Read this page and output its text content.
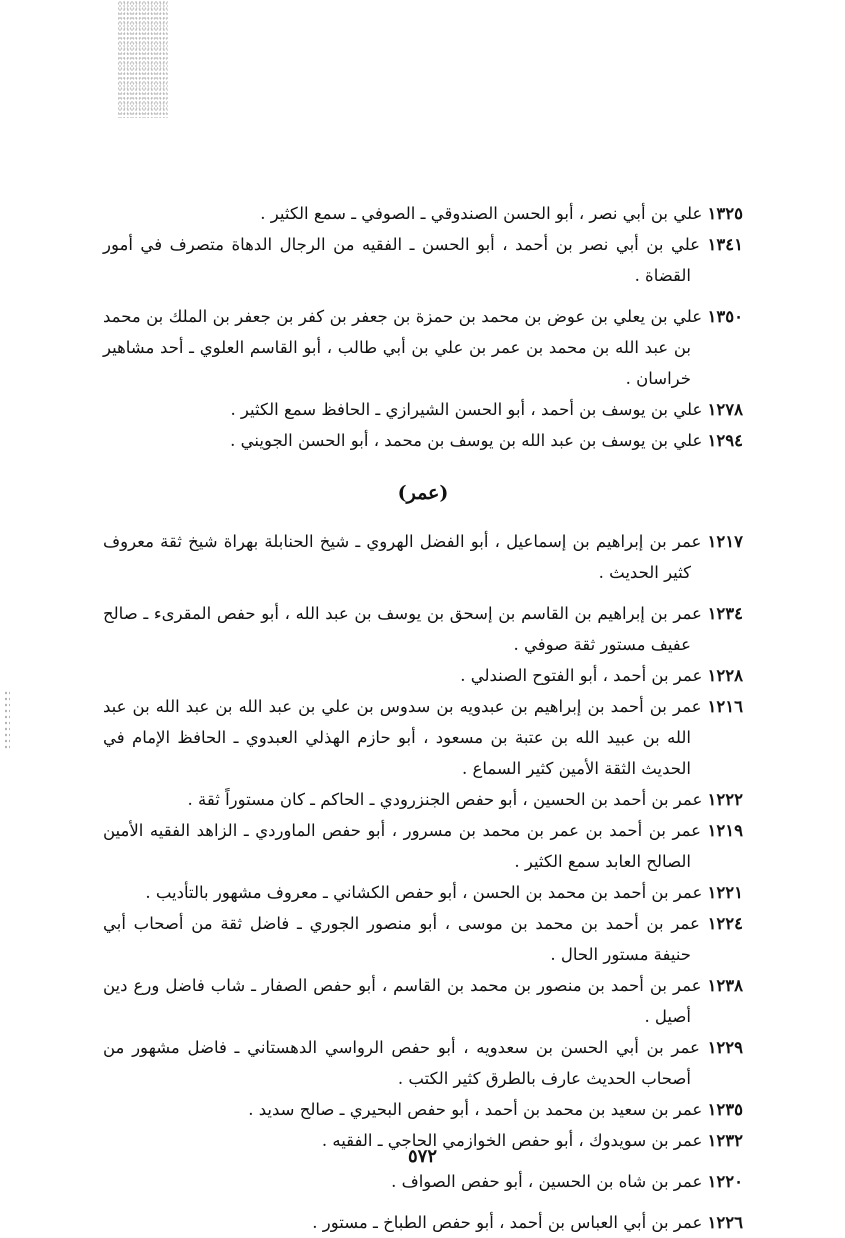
١٣٢٥ علي بن أبي نصر ، أبو الحسن الصندوقي ـ الصوفي ـ سمع الكثير .

١٣٤١ علي بن أبي نصر بن أحمد ، أبو الحسن ـ الفقيه من الرجال الدهاة متصرف في أمور القضاة .

١٣٥٠ علي بن يعلي بن عوض بن محمد بن حمزة بن جعفر بن كفر بن جعفر بن الملك بن محمد بن عبد الله بن محمد بن عمر بن علي بن أبي طالب ، أبو القاسم العلوي ـ أحد مشاهير خراسان .

١٢٧٨ علي بن يوسف بن أحمد ، أبو الحسن الشيرازي ـ الحافظ سمع الكثير .

١٢٩٤ علي بن يوسف بن عبد الله بن يوسف بن محمد ، أبو الحسن الجويني .

(عمر)

١٢١٧ عمر بن إبراهيم بن إسماعيل ، أبو الفضل الهروي ـ شيخ الحنابلة بهراة شيخ ثقة معروف كثير الحديث .

١٢٣٤ عمر بن إبراهيم بن القاسم بن إسحق بن يوسف بن عبد الله ، أبو حفص المقرىء ـ صالح عفيف مستور ثقة صوفي .

١٢٢٨ عمر بن أحمد ، أبو الفتوح الصندلي .

١٢١٦ عمر بن أحمد بن إبراهيم بن عبدويه بن سدوس بن علي بن عبد الله بن عبد الله بن عبد الله بن عبيد الله بن عتبة بن مسعود ، أبو حازم الهذلي العبدوي ـ الحافظ الإمام في الحديث الثقة الأمين كثير السماع .

١٢٢٢ عمر بن أحمد بن الحسين ، أبو حفص الجنزرودي ـ الحاكم ـ كان مستوراً ثقة .

١٢١٩ عمر بن أحمد بن عمر بن محمد بن مسرور ، أبو حفص الماوردي ـ الزاهد الفقيه الأمين الصالح العابد سمع الكثير .

١٢٢١ عمر بن أحمد بن محمد بن الحسن ، أبو حفص الكشاني ـ معروف مشهور بالتأديب .

١٢٢٤ عمر بن أحمد بن محمد بن موسى ، أبو منصور الجوري ـ فاضل ثقة من أصحاب أبي حنيفة مستور الحال .

١٢٣٨ عمر بن أحمد بن منصور بن محمد بن القاسم ، أبو حفص الصفار ـ شاب فاضل ورع دين أصيل .

١٢٢٩ عمر بن أبي الحسن بن سعدويه ، أبو حفص الرواسي الدهستاني ـ فاضل مشهور من أصحاب الحديث عارف بالطرق كثير الكتب .

١٢٣٥ عمر بن سعيد بن محمد بن أحمد ، أبو حفص البحيري ـ صالح سديد .

١٢٣٢ عمر بن سويدوك ، أبو حفص الخوازمي الحاجي ـ الفقيه .

١٢٢٠ عمر بن شاه بن الحسين ، أبو حفص الصواف .

١٢٢٦ عمر بن أبي العباس بن أحمد ، أبو حفص الطباخ ـ مستور .

٥٧٢
